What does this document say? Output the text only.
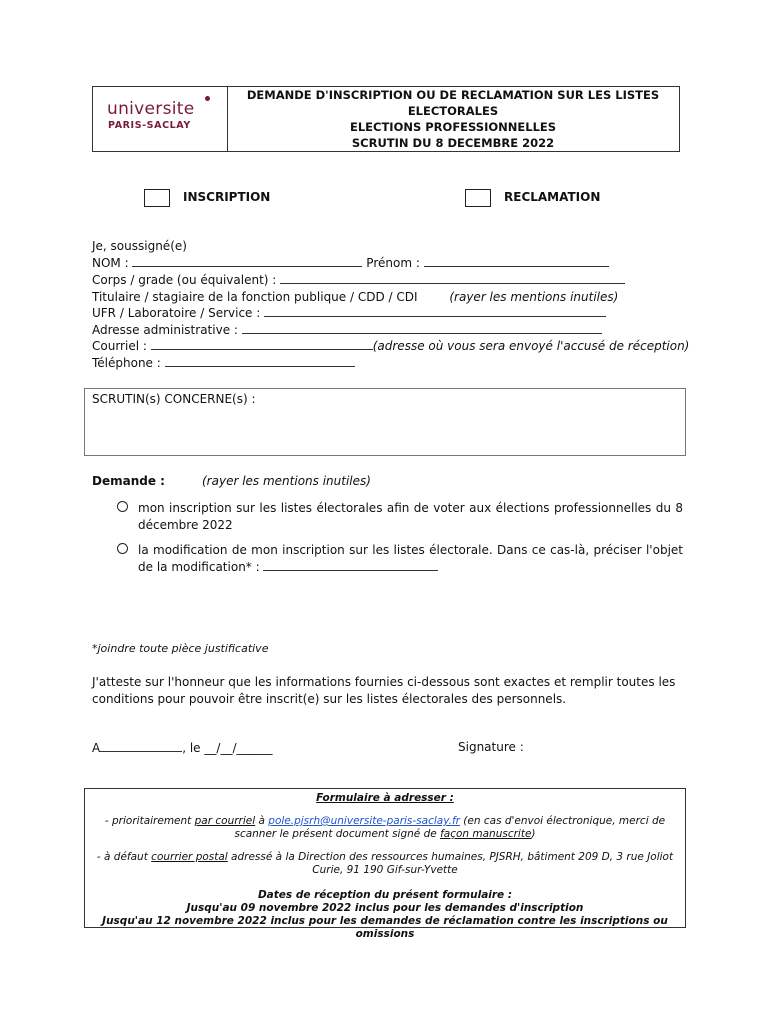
universite
PARIS-SACLAY
DEMANDE D'INSCRIPTION OU DE RECLAMATION SUR LES LISTES
ELECTORALES
ELECTIONS PROFESSIONNELLES
SCRUTIN DU 8 DECEMBRE 2022
INSCRIPTION	RECLAMATION
Je, soussigné(e)
NOM :	Prénom :
Corps / grade (ou équivalent) :
Titulaire / stagiaire de la fonction publique / CDD / CDI	(rayer les mentions inutiles)
UFR / Laboratoire / Service :
Adresse administrative :
Courriel :	(adresse où vous sera envoyé l'accusé de réception)
Téléphone :
SCRUTIN(s) CONCERNE(s) :
Demande :	(rayer les mentions inutiles)
mon inscription sur les listes électorales afin de voter aux élections professionnelles du 8 décembre 2022
la modification de mon inscription sur les listes électorale. Dans ce cas-là, préciser l'objet de la modification* :
*joindre toute pièce justificative
J'atteste sur l'honneur que les informations fournies ci-dessous sont exactes et remplir toutes les conditions pour pouvoir être inscrit(e) sur les listes électorales des personnels.
A	, le __/__/______	Signature :
Formulaire à adresser :
- prioritairement par courriel à pole.pjsrh@universite-paris-saclay.fr (en cas d'envoi électronique, merci de
scanner le présent document signé de façon manuscrite)
- à défaut courrier postal adressé à la Direction des ressources humaines, PJSRH, bâtiment 209 D, 3 rue Joliot
Curie, 91 190 Gif-sur-Yvette
Dates de réception du présent formulaire :
Jusqu'au 09 novembre 2022 inclus pour les demandes d'inscription
Jusqu'au 12 novembre 2022 inclus pour les demandes de réclamation contre les inscriptions ou omissions
